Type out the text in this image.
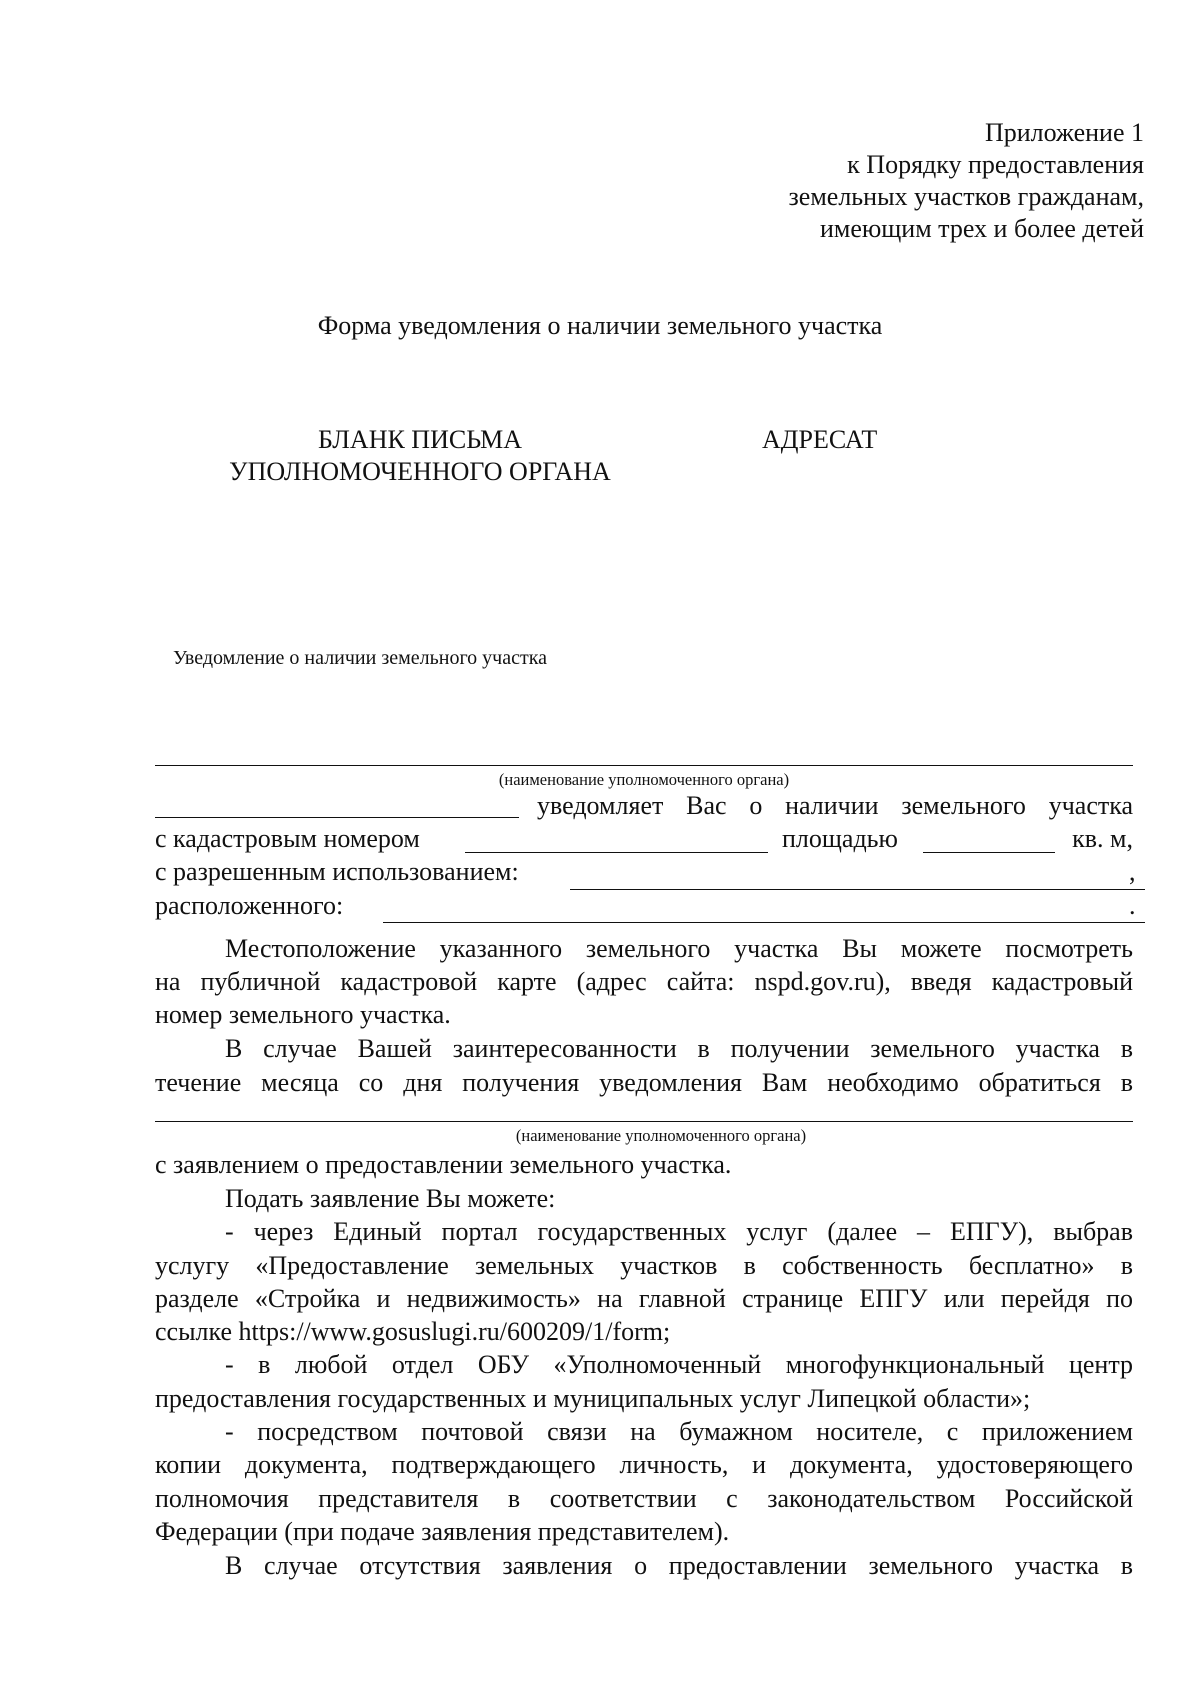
Приложение 1
к Порядку предоставления
земельных участков гражданам,
имеющим трех и более детей
Форма уведомления о наличии земельного участка
БЛАНК ПИСЬМА
УПОЛНОМОЧЕННОГО ОРГАНА
АДРЕСАТ
Уведомление о наличии земельного участка
(наименование уполномоченного органа)
уведомляет Вас о наличии земельного участка
с кадастровым номером	площадью	кв. м,
с разрешенным использованием:	,
расположенного:	.
Местоположение указанного земельного участка Вы можете посмотреть
на публичной кадастровой карте (адрес сайта: nspd.gov.ru), введя кадастровый
номер земельного участка.
В случае Вашей заинтересованности в получении земельного участка в
течение месяца со дня получения уведомления Вам необходимо обратиться в
(наименование уполномоченного органа)
с заявлением о предоставлении земельного участка.
Подать заявление Вы можете:
- через Единый портал государственных услуг (далее – ЕПГУ), выбрав
услугу «Предоставление земельных участков в собственность бесплатно» в
разделе «Стройка и недвижимость» на главной странице ЕПГУ или перейдя по
ссылке https://www.gosuslugi.ru/600209/1/form;
- в любой отдел ОБУ «Уполномоченный многофункциональный центр
предоставления государственных и муниципальных услуг Липецкой области»;
- посредством почтовой связи на бумажном носителе, с приложением
копии документа, подтверждающего личность, и документа, удостоверяющего
полномочия представителя в соответствии с законодательством Российской
Федерации (при подаче заявления представителем).
В случае отсутствия заявления о предоставлении земельного участка в
